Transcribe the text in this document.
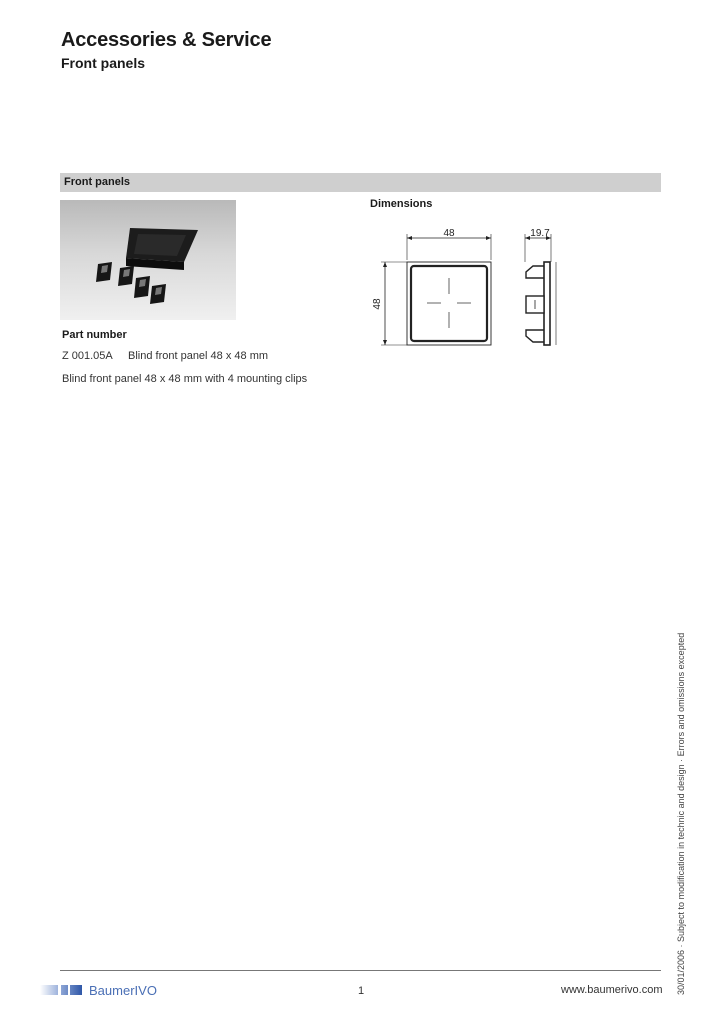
Accessories & Service
Front panels
Front panels
Part number
Z 001.05A Blind front panel 48 x 48 mm
Blind front panel 48 x 48 mm with 4 mounting clips
Dimensions
48
48
19.7
30/01/2006 · Subject to modification in technic and design · Errors and omissions excepted
BaumerIVO	1	www.baumerivo.com
